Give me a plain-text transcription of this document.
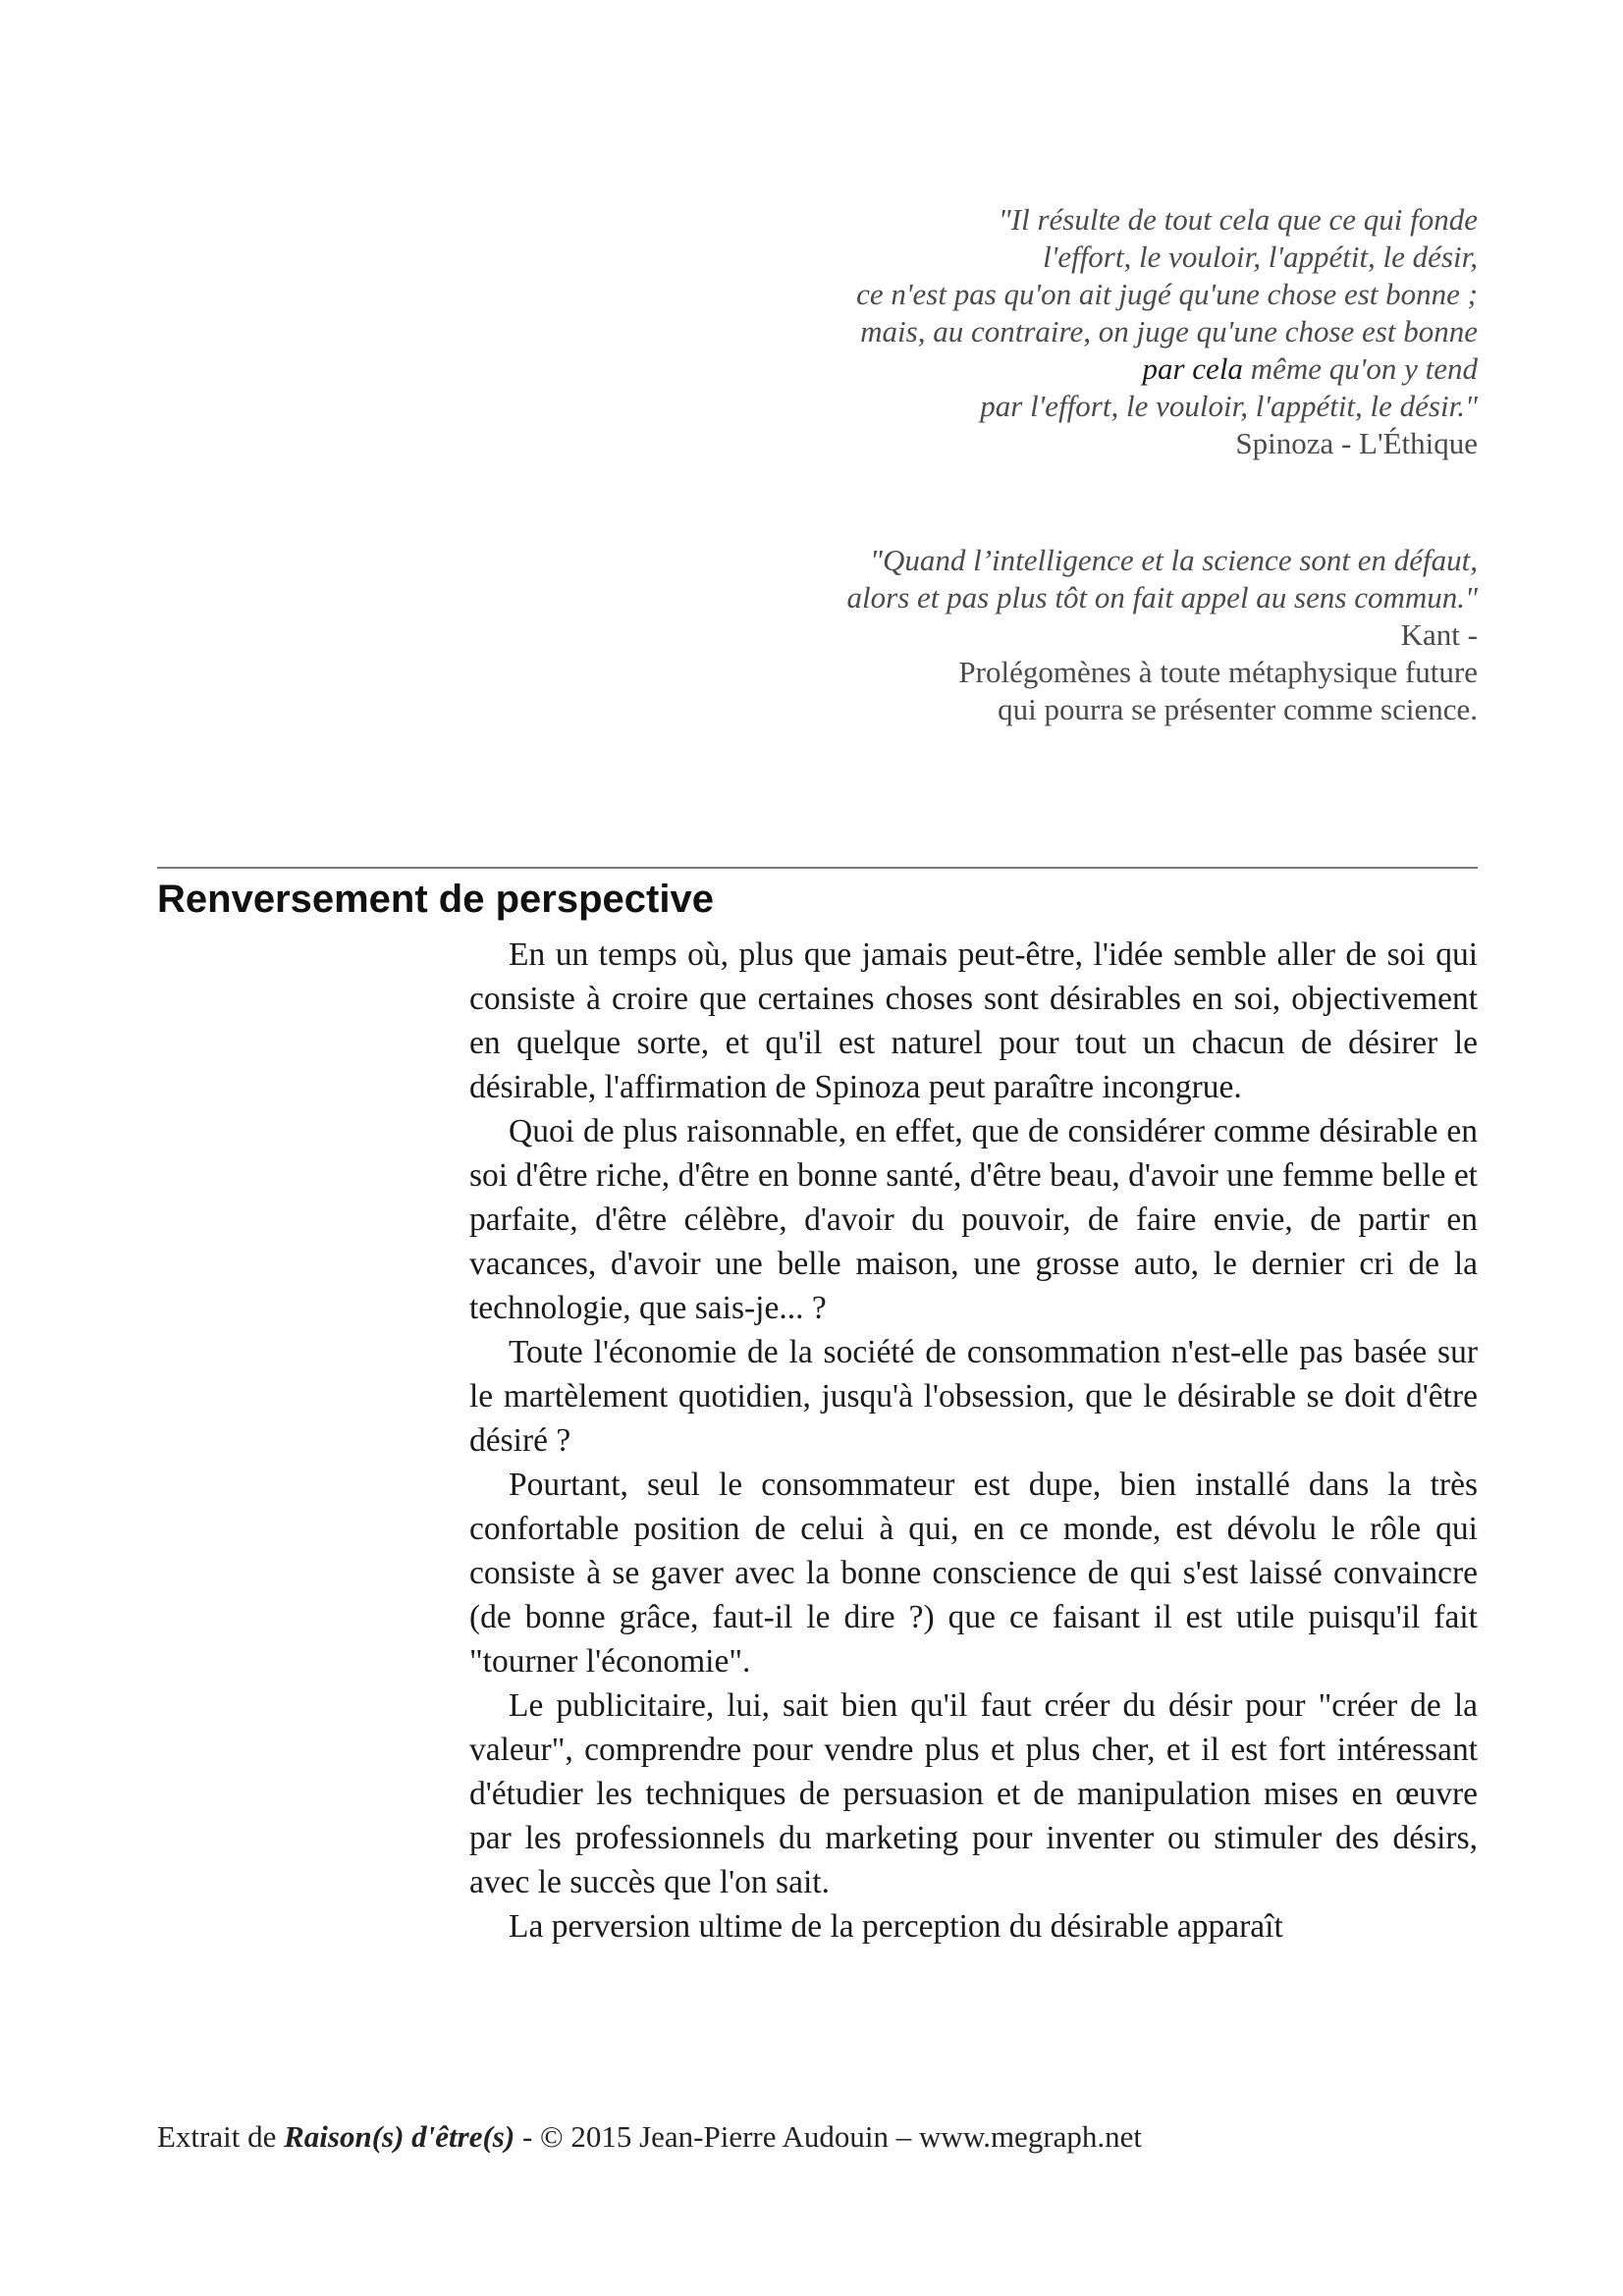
"Il résulte de tout cela que ce qui fonde
l'effort, le vouloir, l'appétit, le désir,
ce n'est pas qu'on ait jugé qu'une chose est bonne ;
mais, au contraire, on juge qu'une chose est bonne
par cela même qu'on y tend
par l'effort, le vouloir, l'appétit, le désir."
Spinoza - L'Éthique
"Quand l’intelligence et la science sont en défaut,
alors et pas plus tôt on fait appel au sens commun."
Kant -
Prolégomènes à toute métaphysique future
qui pourra se présenter comme science.
Renversement de perspective

En un temps où, plus que jamais peut-être, l'idée semble aller de soi qui consiste à croire que certaines choses sont désirables en soi, objectivement en quelque sorte, et qu'il est naturel pour tout un chacun de désirer le désirable, l'affirmation de Spinoza peut paraître incongrue.

Quoi de plus raisonnable, en effet, que de considérer comme désirable en soi d'être riche, d'être en bonne santé, d'être beau, d'avoir une femme belle et parfaite, d'être célèbre, d'avoir du pouvoir, de faire envie, de partir en vacances, d'avoir une belle maison, une grosse auto, le dernier cri de la technologie, que sais-je... ?

Toute l'économie de la société de consommation n'est-elle pas basée sur le martèlement quotidien, jusqu'à l'obsession, que le désirable se doit d'être désiré ?

Pourtant, seul le consommateur est dupe, bien installé dans la très confortable position de celui à qui, en ce monde, est dévolu le rôle qui consiste à se gaver avec la bonne conscience de qui s'est laissé convaincre (de bonne grâce, faut-il le dire ?) que ce faisant il est utile puisqu'il fait "tourner l'économie".

Le publicitaire, lui, sait bien qu'il faut créer du désir pour "créer de la valeur", comprendre pour vendre plus et plus cher, et il est fort intéressant d'étudier les techniques de persuasion et de manipulation mises en œuvre par les professionnels du marketing pour inventer ou stimuler des désirs, avec le succès que l'on sait.

La perversion ultime de la perception du désirable apparaît

Extrait de Raison(s) d'être(s) - © 2015 Jean-Pierre Audouin – www.megraph.net
